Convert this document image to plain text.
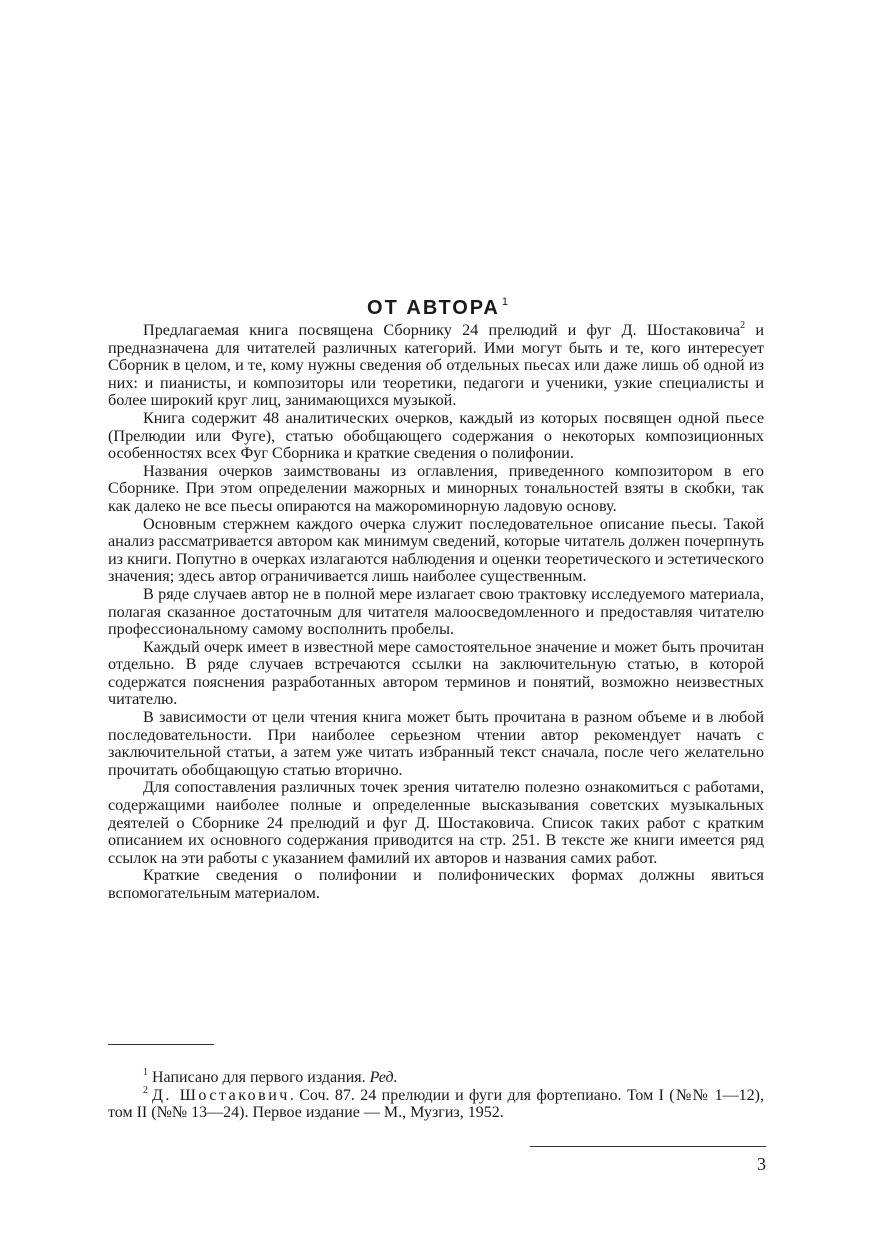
ОТ АВТОРА $^1$

Предлагаемая книга посвящена Сборнику 24 прелюдий и фуг Д. Шостаковича$^2$ и предназначена для читателей различных категорий. Ими могут быть и те, кого интересует Сборник в целом, и те, кому нужны сведения об отдельных пьесах или даже лишь об одной из них: и пианисты, и композиторы или теоретики, педагоги и ученики, узкие специалисты и более широкий круг лиц, занимающихся музыкой.

Книга содержит 48 аналитических очерков, каждый из которых посвящен одной пьесе (Прелюдии или Фуге), статью обобщающего содержания о некоторых композиционных особенностях всех Фуг Сборника и краткие сведения о полифонии.

Названия очерков заимствованы из оглавления, приведенного композитором в его Сборнике. При этом определении мажорных и минорных тональностей взяты в скобки, так как далеко не все пьесы опираются на мажороминорную ладовую основу.

Основным стержнем каждого очерка служит последовательное описание пьесы. Такой анализ рассматривается автором как минимум сведений, которые читатель должен почерпнуть из книги. Попутно в очерках излагаются наблюдения и оценки теоретического и эстетического значения; здесь автор ограничивается лишь наиболее существенным.

В ряде случаев автор не в полной мере излагает свою трактовку исследуемого материала, полагая сказанное достаточным для читателя малоосведомленного и предоставляя читателю профессиональному самому восполнить пробелы.

Каждый очерк имеет в известной мере самостоятельное значение и может быть прочитан отдельно. В ряде случаев встречаются ссылки на заключительную статью, в которой содержатся пояснения разработанных автором терминов и понятий, возможно неизвестных читателю.

В зависимости от цели чтения книга может быть прочитана в разном объеме и в любой последовательности. При наиболее серьезном чтении автор рекомендует начать с заключительной статьи, а затем уже читать избранный текст сначала, после чего желательно прочитать обобщающую статью вторично.

Для сопоставления различных точек зрения читателю полезно ознакомиться с работами, содержащими наиболее полные и определенные высказывания советских музыкальных деятелей о Сборнике 24 прелюдий и фуг Д. Шостаковича. Список таких работ с кратким описанием их основного содержания приводится на стр. 251. В тексте же книги имеется ряд ссылок на эти работы с указанием фамилий их авторов и названия самих работ.

Краткие сведения о полифонии и полифонических формах должны явиться вспомогательным материалом.

$^1$ Написано для первого издания. Ред.

$^2$ Д. Шостакович. Соч. 87. 24 прелюдии и фуги для фортепиано. Том I (№№ 1—12), том II (№№ 13—24). Первое издание — М., Музгиз, 1952.

3
